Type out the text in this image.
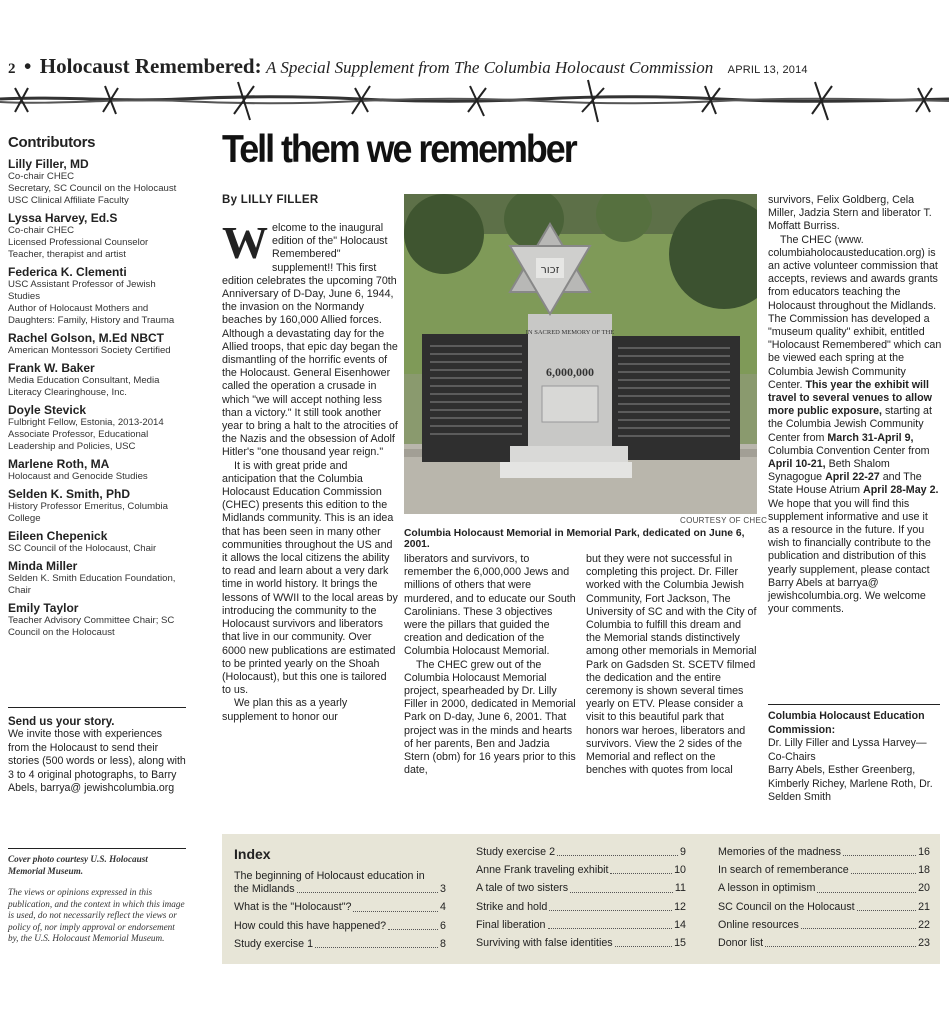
2 • Holocaust Remembered: A Special Supplement from The Columbia Holocaust Commission APRIL 13, 2014
Contributors
Lilly Filler, MD
Co-chair CHEC
Secretary, SC Council on the Holocaust
USC Clinical Affiliate Faculty
Lyssa Harvey, Ed.S
Co-chair CHEC
Licensed Professional Counselor
Teacher, therapist and artist
Federica K. Clementi
USC Assistant Professor of Jewish Studies
Author of Holocaust Mothers and Daughters: Family, History and Trauma
Rachel Golson, M.Ed NBCT
American Montessori Society Certified
Frank W. Baker
Media Education Consultant, Media Literacy Clearinghouse, Inc.
Doyle Stevick
Fulbright Fellow, Estonia, 2013-2014
Associate Professor, Educational Leadership and Policies, USC
Marlene Roth, MA
Holocaust and Genocide Studies
Selden K. Smith, PhD
History Professor Emeritus, Columbia College
Eileen Chepenick
SC Council of the Holocaust, Chair
Minda Miller
Selden K. Smith Education Foundation, Chair
Emily Taylor
Teacher Advisory Committee Chair; SC Council on the Holocaust
Send us your story.
We invite those with experiences from the Holocaust to send their stories (500 words or less), along with 3 to 4 original photographs, to Barry Abels, barrya@ jewishcolumbia.org
Cover photo courtesy U.S. Holocaust Memorial Museum.
The views or opinions expressed in this publication, and the context in which this image is used, do not necessarily reflect the views or policy of, nor imply approval or endorsement by, the U.S. Holocaust Memorial Museum.
Tell them we remember
By LILLY FILLER

Welcome to the inaugural edition of the" Holocaust Remembered" supplement!! This first edition celebrates the upcoming 70th Anniversary of D-Day, June 6, 1944, the invasion on the Normandy beaches by 160,000 Allied forces. Although a devastating day for the Allied troops, that epic day began the dismantling of the horrific events of the Holocaust. General Eisenhower called the operation a crusade in which "we will accept nothing less than a victory." It still took another year to bring a halt to the atrocities of the Nazis and the obsession of Adolf Hitler's "one thousand year reign."

It is with great pride and anticipation that the Columbia Holocaust Education Commission (CHEC) presents this edition to the Midlands community. This is an idea that has been seen in many other communities throughout the US and it allows the local citizens the ability to read and learn about a very dark time in world history. It brings the lessons of WWII to the local areas by introducing the community to the Holocaust survivors and liberators that live in our community. Over 6000 new publications are estimated to be printed yearly on the Shoah (Holocaust), but this one is tailored to us.

We plan this as a yearly supplement to honor our

זכור
IN SACRED MEMORY OF THE
6,000,000
COURTESY OF CHEC
Columbia Holocaust Memorial in Memorial Park, dedicated on June 6, 2001.

liberators and survivors, to remember the 6,000,000 Jews and millions of others that were murdered, and to educate our South Carolinians. These 3 objectives were the pillars that guided the creation and dedication of the Columbia Holocaust Memorial.

The CHEC grew out of the Columbia Holocaust Memorial project, spearheaded by Dr. Lilly Filler in 2000, dedicated in Memorial Park on D-day, June 6, 2001. That project was in the minds and hearts of her parents, Ben and Jadzia Stern (obm) for 16 years prior to this date,

but they were not successful in completing this project. Dr. Filler worked with the Columbia Jewish Community, Fort Jackson, The University of SC and with the City of Columbia to fulfill this dream and the Memorial stands distinctively among other memorials in Memorial Park on Gadsden St. SCETV filmed the dedication and the entire ceremony is shown several times yearly on ETV. Please consider a visit to this beautiful park that honors war heroes, liberators and survivors. View the 2 sides of the Memorial and reflect on the benches with quotes from local

survivors, Felix Goldberg, Cela Miller, Jadzia Stern and liberator T. Moffatt Burriss.

The CHEC (www. columbiaholocausteducation.org) is an active volunteer commission that accepts, reviews and awards grants from educators teaching the Holocaust throughout the Midlands. The Commission has developed a "museum quality" exhibit, entitled "Holocaust Remembered" which can be viewed each spring at the Columbia Jewish Community Center. This year the exhibit will travel to several venues to allow more public exposure, starting at the Columbia Jewish Community Center from March 31-April 9, Columbia Convention Center from April 10-21, Beth Shalom Synagogue April 22-27 and The State House Atrium April 28-May 2. We hope that you will find this supplement informative and use it as a resource in the future. If you wish to financially contribute to the publication and distribution of this yearly supplement, please contact Barry Abels at barrya@ jewishcolumbia.org. We welcome your comments.

Columbia Holocaust Education Commission:
Dr. Lilly Filler and Lyssa Harvey— Co-Chairs
Barry Abels, Esther Greenberg, Kimberly Richey, Marlene Roth, Dr. Selden Smith
Index
The beginning of Holocaust education in
the Midlands	3
What is the "Holocaust"?	4
How could this have happened?	6
Study exercise 1	8
Study exercise 2	9
Anne Frank traveling exhibit	10
A tale of two sisters	11
Strike and hold	12
Final liberation	14
Surviving with false identities	15
Memories of the madness	16
In search of rememberance	18
A lesson in optimism	20
SC Council on the Holocaust	21
Online resources	22
Donor list	23
